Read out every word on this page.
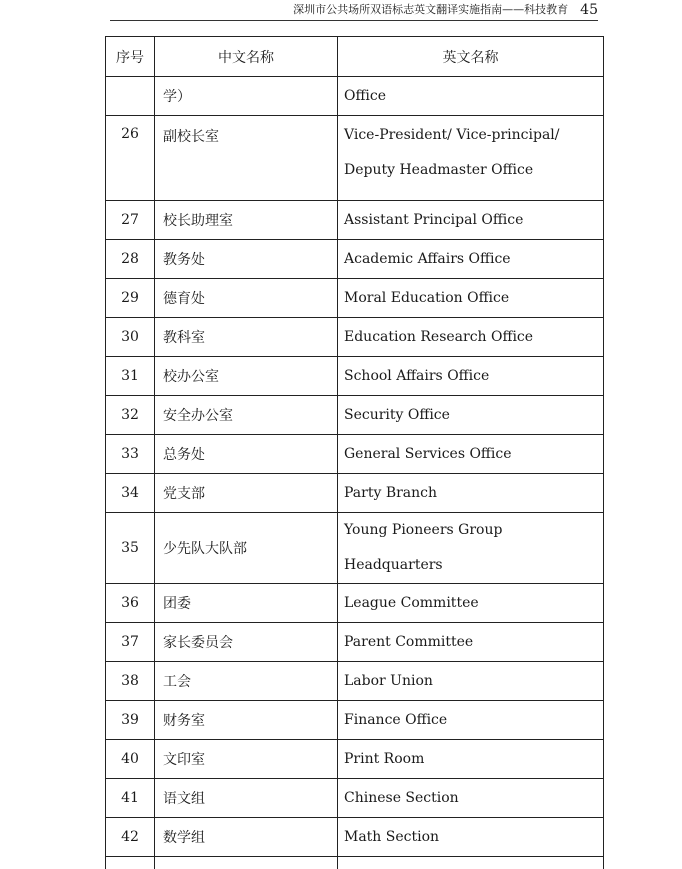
深圳市公共场所双语标志英文翻译实施指南——科技教育 45
序号	中文名称	英文名称
	学）	Office
26	副校长室	Vice-President/ Vice-principal/ Deputy Headmaster Office
27	校长助理室	Assistant Principal Office
28	教务处	Academic Affairs Office
29	德育处	Moral Education Office
30	教科室	Education Research Office
31	校办公室	School Affairs Office
32	安全办公室	Security Office
33	总务处	General Services Office
34	党支部	Party Branch
35	少先队大队部	Young Pioneers Group Headquarters
36	团委	League Committee
37	家长委员会	Parent Committee
38	工会	Labor Union
39	财务室	Finance Office
40	文印室	Print Room
41	语文组	Chinese Section
42	数学组	Math Section
